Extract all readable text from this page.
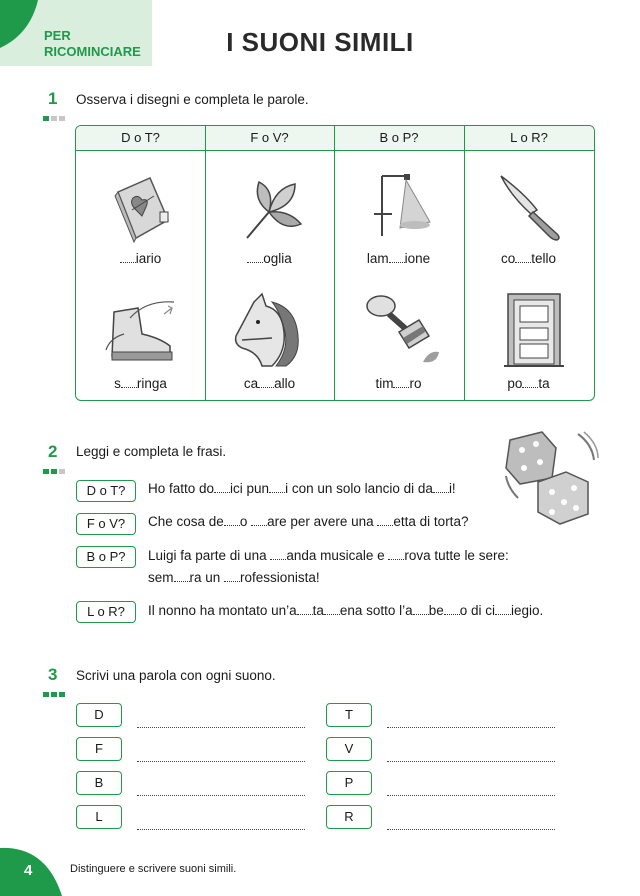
PER RICOMINCIARE	I SUONI SIMILI
1 Osserva i disegni e completa le parole.
D o T?	F o V?	B o P?	L o R?
iario	oglia	lam ione	co tello
s ringa	ca allo	tim ro	po ta
2 Leggi e completa le frasi.
D o T?	Ho fatto do ici pun i con un solo lancio di da i!
F o V?	Che cosa de o are per avere una etta di torta?
B o P?	Luigi fa parte di una anda musicale e rova tutte le sere:
sem ra un rofessionista!
L o R?	Il nonno ha montato un’a ta ena sotto l’a be o di ci iegio.
3 Scrivi una parola con ogni suono.
D
F
B
L
T
V
P
R
4	Distinguere e scrivere suoni simili.
